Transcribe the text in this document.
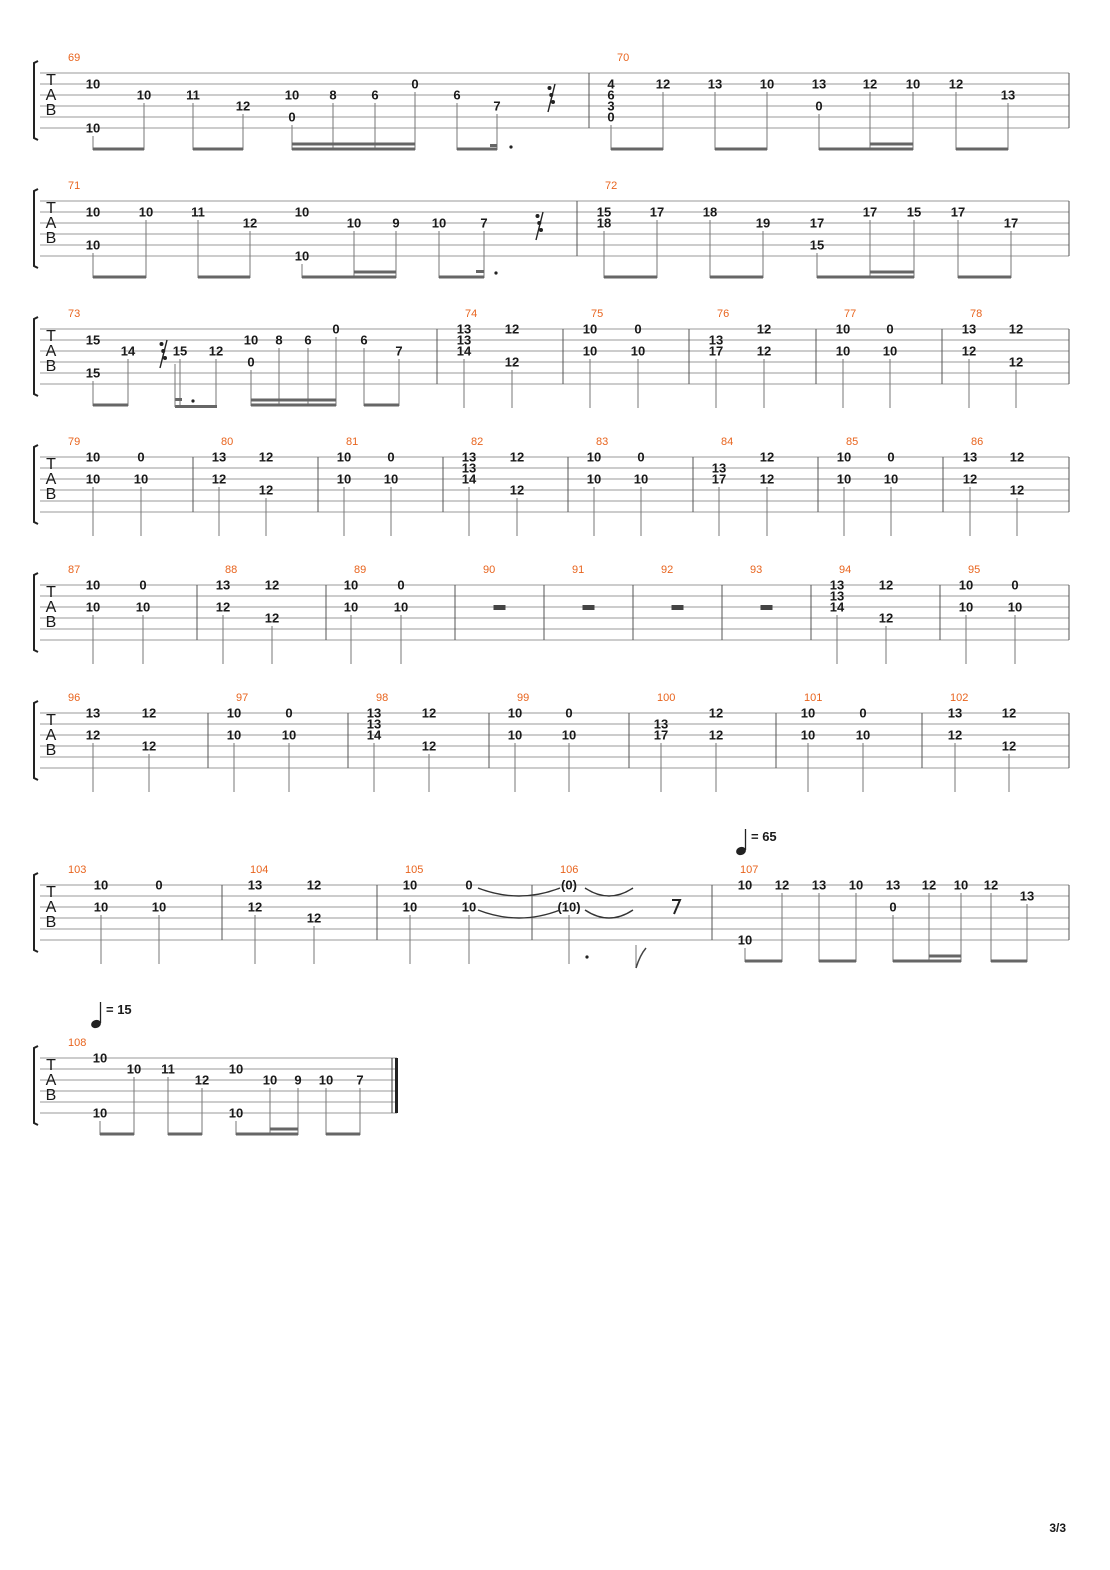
T
A
B
69
10
10
10	11
12
10
0
8	6
0
6
7
70
4
6
3
0
12	13	10	13
0
12 10 12
13
T
A
B
71
10
10
10	11
12
10
10
10 9 10	7
72
15
18
17	18
19	17
15
17 15 17
17
T
A
B
73
15
15
14	15 12
10
0
8 6
0
6
7
74
13
13
14
12
12
75
10
10
0
10
76
13
17
12
12
77
10
10
0
10
78
13
12
12
12
T
A
B
79
10
10
0
10
80
13
12
12
12
81
10
10
0
10
82
13
13
14
12
12
83
10
10
0
10
84
13
17
12
12
85
10
10
0
10
86
13
12
12
12
T
A
B
87
10
10
0
10
88
13
12
12
12
89
10
10
0
10
90	91	92	93	94
13
13
14
12
12
95
10
10
0
10
T
A
B
96
13
12
12
12
97
10
10
0
10
98
13
13
14
12
12
99
10
10
0
10
100
13
17
12
12
101
10
10
0
10
102
13
12
12
12
T
A
B
103
10
10
0
10
104
13
12
12
12
105
10
10
0
10
106
(0)
(10)
107
10
10
12 13 10 13
0
12 10 12
13
T
A
B
108
10
10
10 11
12
10
10
10 9 10 7
= 65
= 15
3/3
